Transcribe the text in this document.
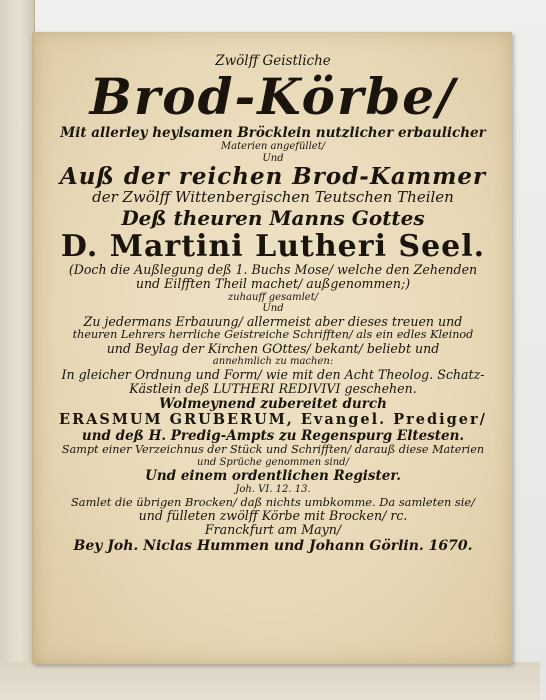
Zwölff Geistliche
Brod-Körbe/
Mit allerley heylsamen Bröcklein nutzlicher erbaulicher
Materien angefüllet/
Und
Auß der reichen Brod-Kammer
der Zwölff Wittenbergischen Teutschen Theilen
Deß theuren Manns Gottes
D. Martini Lutheri Seel.
(Doch die Außlegung deß 1. Buchs Mose/ welche den Zehenden
und Eilfften Theil machet/ außgenommen;)
zuhauff gesamlet/
Und
Zu jedermans Erbauung/ allermeist aber dieses treuen und
theuren Lehrers herrliche Geistreiche Schrifften/ als ein edles Kleinod
und Beylag der Kirchen GOttes/ bekant/ beliebt und
annehmlich zu machen:
In gleicher Ordnung und Form/ wie mit den Acht Theolog. Schatz-
Kästlein deß LUTHERI REDIVIVI geschehen.
Wolmeynend zubereitet durch
ERASMUM GRUBERUM, Evangel. Prediger/
und deß H. Predig-Ampts zu Regenspurg Eltesten.
Sampt einer Verzeichnus der Stück und Schrifften/ darauß diese Materien
und Sprüche genommen sind/
Und einem ordentlichen Register.
Joh. VI. 12. 13.
Samlet die übrigen Brocken/ daß nichts umbkomme. Da samleten sie/
und fülleten zwölff Körbe mit Brocken/ rc.
Franckfurt am Mayn/
Bey Joh. Niclas Hummen und Johann Görlin. 1670.
